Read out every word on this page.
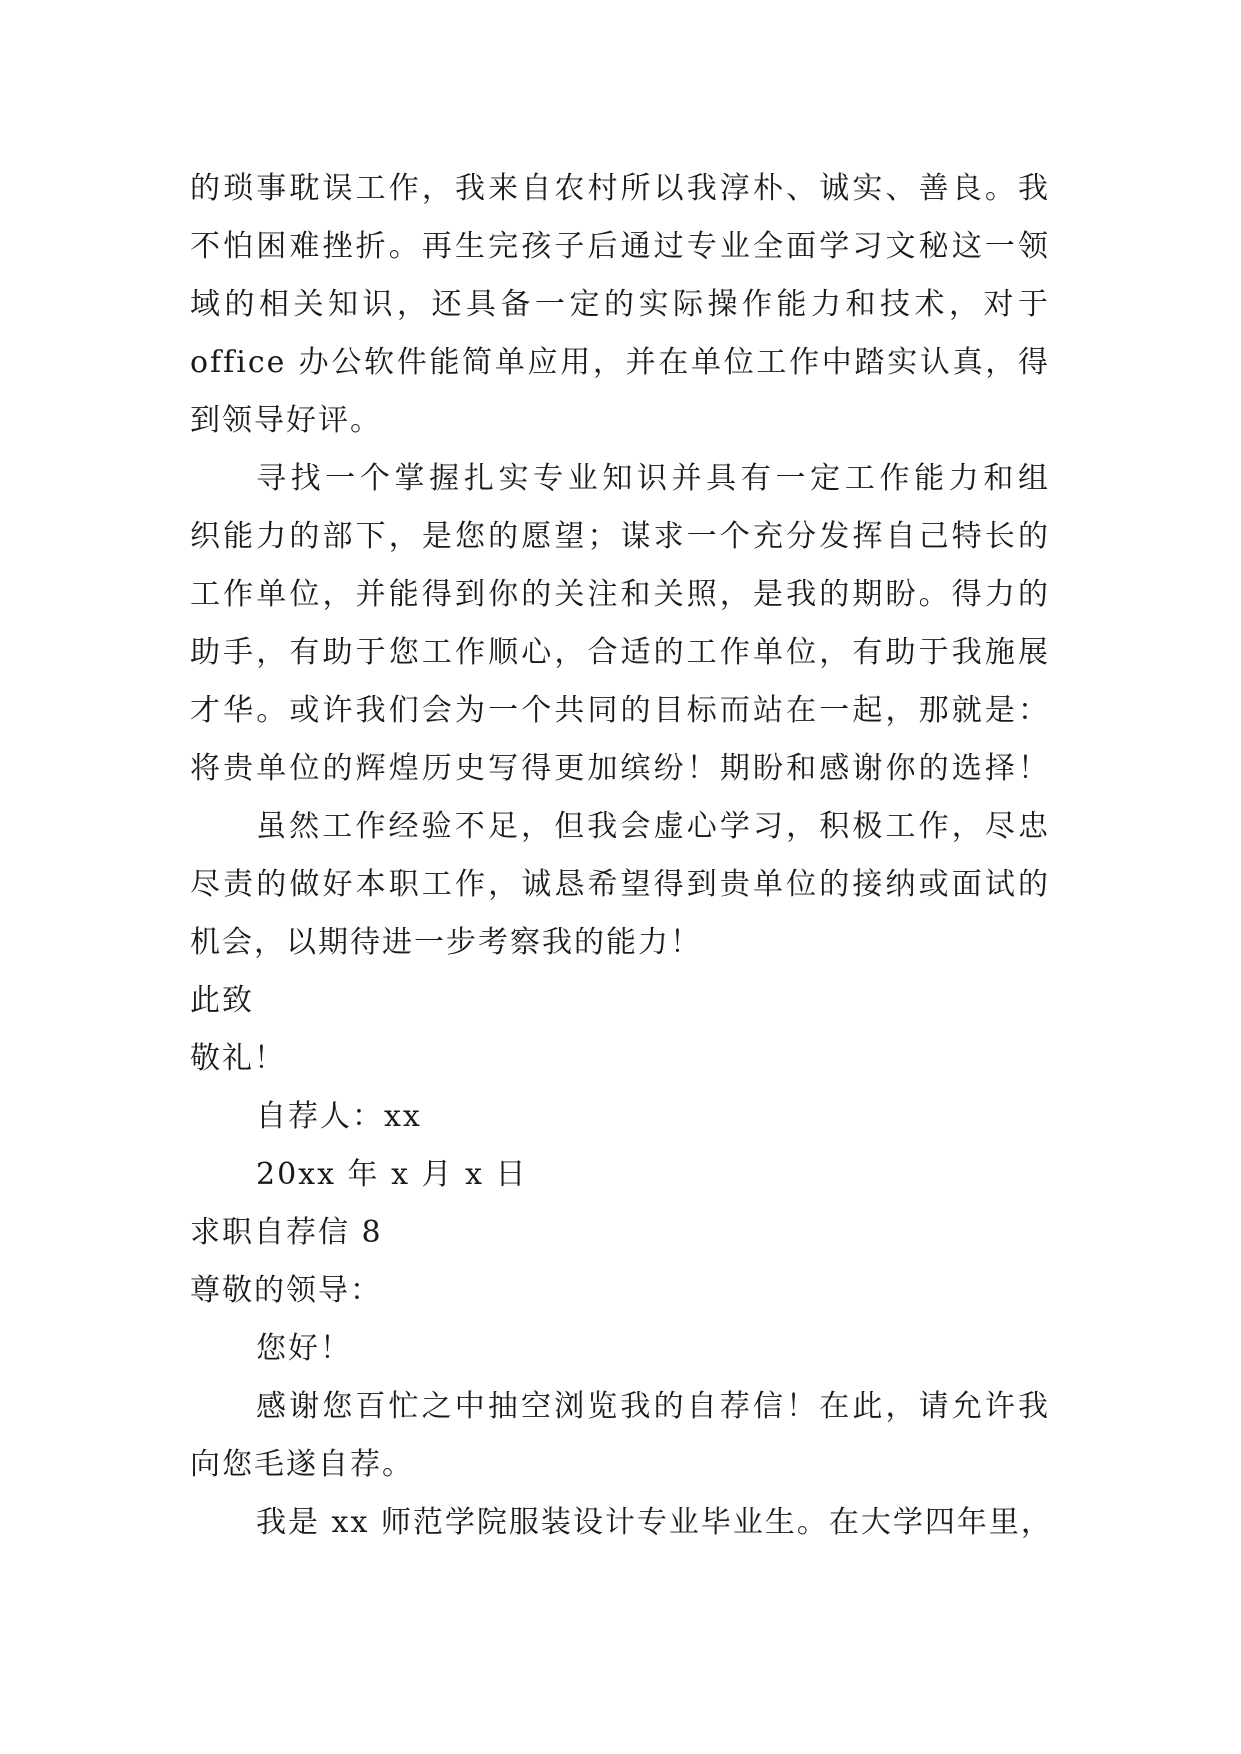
的琐事耽误工作，我来自农村所以我淳朴、诚实、善良。我
不怕困难挫折。再生完孩子后通过专业全面学习文秘这一领
域的相关知识，还具备一定的实际操作能力和技术，对于
office 办公软件能简单应用，并在单位工作中踏实认真，得
到领导好评。
寻找一个掌握扎实专业知识并具有一定工作能力和组
织能力的部下，是您的愿望；谋求一个充分发挥自己特长的
工作单位，并能得到你的关注和关照，是我的期盼。得力的
助手，有助于您工作顺心，合适的工作单位，有助于我施展
才华。或许我们会为一个共同的目标而站在一起，那就是：
将贵单位的辉煌历史写得更加缤纷！期盼和感谢你的选择！
虽然工作经验不足，但我会虚心学习，积极工作，尽忠
尽责的做好本职工作，诚恳希望得到贵单位的接纳或面试的
机会，以期待进一步考察我的能力！
此致
敬礼！
自荐人：xx
20xx 年 x 月 x 日
求职自荐信 8
尊敬的领导：
您好！
感谢您百忙之中抽空浏览我的自荐信！在此，请允许我
向您毛遂自荐。
我是 xx 师范学院服装设计专业毕业生。在大学四年里，
